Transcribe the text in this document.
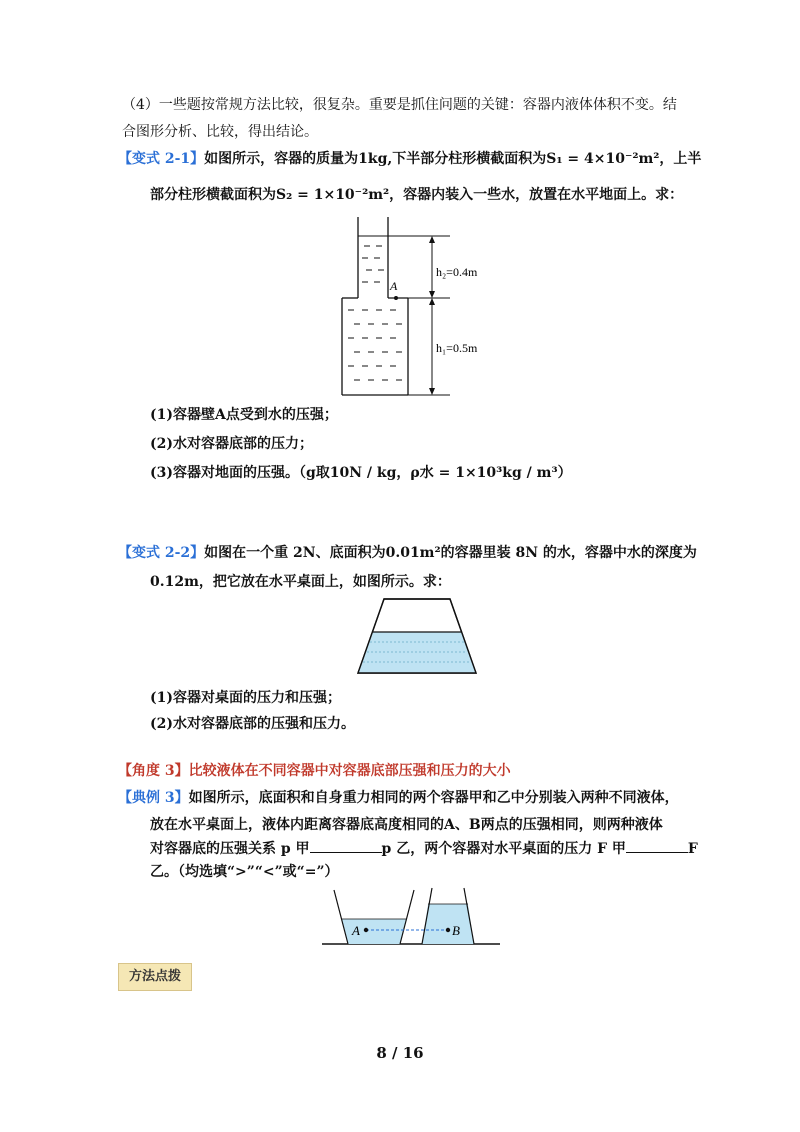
（4）一些题按常规方法比较，很复杂。重要是抓住问题的关键：容器内液体体积不变。结
合图形分析、比较，得出结论。
【变式 2-1】如图所示，容器的质量为1kg,下半部分柱形横截面积为S₁ = 4×10⁻²m²，上半
部分柱形横截面积为S₂ = 1×10⁻²m²，容器内装入一些水，放置在水平地面上。求：
A
h₂=0.4m
h₁=0.5m
(1)容器壁A点受到水的压强；
(2)水对容器底部的压力；
(3)容器对地面的压强。（g取10N / kg，ρ水 = 1×10³kg / m³）
【变式 2-2】如图在一个重 2N、底面积为0.01m²的容器里装 8N 的水，容器中水的深度为
0.12m，把它放在水平桌面上，如图所示。求：
(1)容器对桌面的压力和压强；
(2)水对容器底部的压强和压力。
【角度 3】比较液体在不同容器中对容器底部压强和压力的大小
【典例 3】如图所示，底面积和自身重力相同的两个容器甲和乙中分别装入两种不同液体，
放在水平桌面上，液体内距离容器底高度相同的A、B两点的压强相同，则两种液体
对容器底的压强关系 p 甲	p 乙，两个容器对水平桌面的压力 F 甲	F
乙。（均选填“>”“<”或“=”）
A	B
方法点拨
8 / 16
